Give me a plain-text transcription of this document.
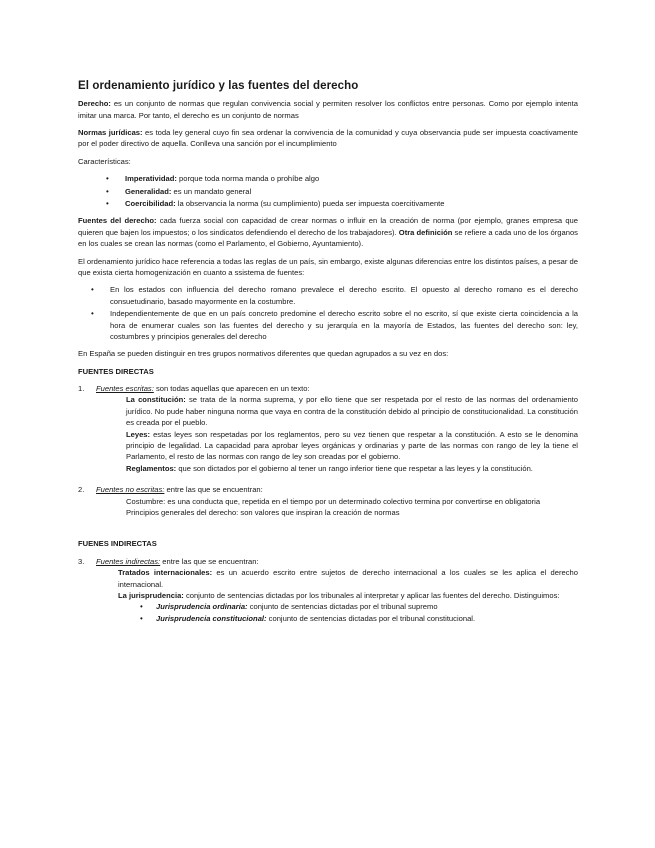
El ordenamiento jurídico y las fuentes del derecho

Derecho: es un conjunto de normas que regulan convivencia social y permiten resolver los conflictos entre personas. Como por ejemplo intenta imitar una marca. Por tanto, el derecho es un conjunto de normas

Normas jurídicas: es toda ley general cuyo fin sea ordenar la convivencia de la comunidad y cuya observancia pude ser impuesta coactivamente por el poder directivo de aquella. Conlleva una sanción por el incumplimiento

Características:

• Imperatividad: porque toda norma manda o prohíbe algo
• Generalidad: es un mandato general
• Coercibilidad: la observancia la norma (su cumplimiento) pueda ser impuesta coercitivamente

Fuentes del derecho: cada fuerza social con capacidad de crear normas o influir en la creación de norma (por ejemplo, granes empresa que quieren que bajen los impuestos; o los sindicatos defendiendo el derecho de los trabajadores). Otra definición se refiere a cada uno de los órganos en los cuales se crean las normas (como el Parlamento, el Gobierno, Ayuntamiento).

El ordenamiento jurídico hace referencia a todas las reglas de un país, sin embargo, existe algunas diferencias entre los distintos países, a pesar de que exista cierta homogenización en cuanto a ssistema de fuentes:

• En los estados con influencia del derecho romano prevalece el derecho escrito. El opuesto al derecho romano es el derecho consuetudinario, basado mayormente en la costumbre.
• Independientemente de que en un país concreto predomine el derecho escrito sobre el no escrito, sí que existe cierta coincidencia a la hora de enumerar cuales son las fuentes del derecho y su jerarquía en la mayoría de Estados, las fuentes del derecho son: ley, costumbres y principios generales del derecho

En España se pueden distinguir en tres grupos normativos diferentes que quedan agrupados a su vez en dos:

FUENTES DIRECTAS
1. Fuentes escritas: son todas aquellas que aparecen en un texto:
La constitución: se trata de la norma suprema, y por ello tiene que ser respetada por el resto de las normas del ordenamiento jurídico. No pude haber ninguna norma que vaya en contra de la constitución debido al principio de constitucionalidad. La constitución es creada por el pueblo.
Leyes: estas leyes son respetadas por los reglamentos, pero su vez tienen que respetar a la constitución. A esto se le denomina principio de legalidad. La capacidad para aprobar leyes orgánicas y ordinarias y parte de las normas con rango de ley la tiene el Parlamento, el resto de las normas con rango de ley son creadas por el gobierno.
Reglamentos: que son dictados por el gobierno al tener un rango inferior tiene que respetar a las leyes y la constitución.
2. Fuentes no escritas: entre las que se encuentran:
Costumbre: es una conducta que, repetida en el tiempo por un determinado colectivo termina por convertirse en obligatoria
Principios generales del derecho: son valores que inspiran la creación de normas
FUENES INDIRECTAS
3. Fuentes indirectas: entre las que se encuentran:
Tratados internacionales: es un acuerdo escrito entre sujetos de derecho internacional a los cuales se les aplica el derecho internacional.
La jurisprudencia: conjunto de sentencias dictadas por los tribunales al interpretar y aplicar las fuentes del derecho. Distinguimos:
• Jurisprudencia ordinaria: conjunto de sentencias dictadas por el tribunal supremo
• Jurisprudencia constitucional: conjunto de sentencias dictadas por el tribunal constitucional.
